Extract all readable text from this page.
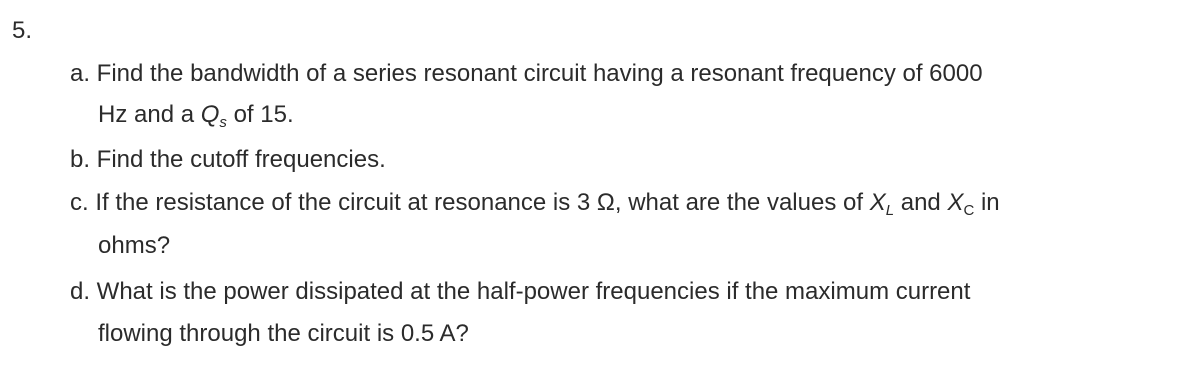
5.
a. Find the bandwidth of a series resonant circuit having a resonant frequency of 6000
Hz and a $Q_s$ of 15.
b. Find the cutoff frequencies.
c. If the resistance of the circuit at resonance is 3 Ω, what are the values of $X_L$ and $X_C$ in
ohms?
d. What is the power dissipated at the half-power frequencies if the maximum current
flowing through the circuit is 0.5 A?
